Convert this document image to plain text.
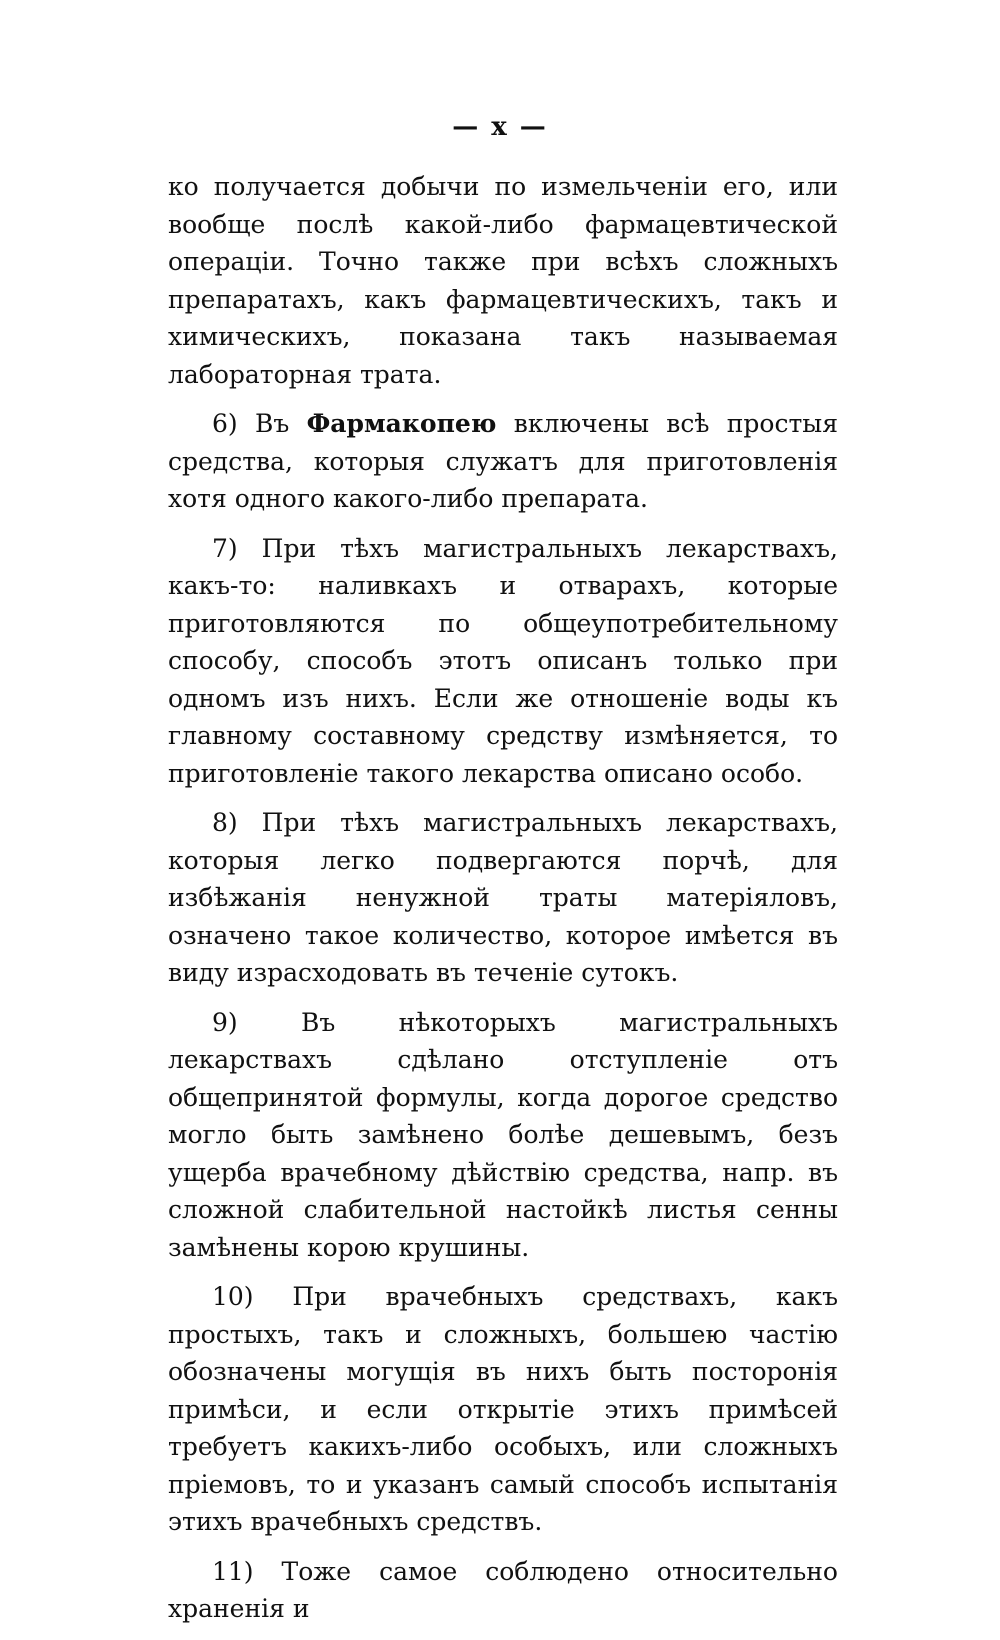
— x —

ко получается добычи по измельченіи его, или вообще послѣ какой-либо фармацевтической операціи. Точно также при всѣхъ сложныхъ препаратахъ, какъ фармацевтическихъ, такъ и химическихъ, показана такъ называемая лабораторная трата.

6) Въ Фармакопею включены всѣ простыя средства, которыя служатъ для приготовленія хотя одного какого-либо препарата.

7) При тѣхъ магистральныхъ лекарствахъ, какъ-то: наливкахъ и отварахъ, которые приготовляются по общеупотребительному способу, способъ этотъ описанъ только при одномъ изъ нихъ. Если же отношеніе воды къ главному составному средству измѣняется, то приготовленіе такого лекарства описано особо.

8) При тѣхъ магистральныхъ лекарствахъ, которыя легко подвергаются порчѣ, для избѣжанія ненужной траты матеріяловъ, означено такое количество, которое имѣется въ виду израсходовать въ теченіе сутокъ.

9) Въ нѣкоторыхъ магистральныхъ лекарствахъ сдѣлано отступленіе отъ общепринятой формулы, когда дорогое средство могло быть замѣнено болѣе дешевымъ, безъ ущерба врачебному дѣйствію средства, напр. въ сложной слабительной настойкѣ листья сенны замѣнены корою крушины.

10) При врачебныхъ средствахъ, какъ простыхъ, такъ и сложныхъ, большею частію обозначены могущія въ нихъ быть посторонія примѣси, и если открытіе этихъ примѣсей требуетъ какихъ-либо особыхъ, или сложныхъ пріемовъ, то и указанъ самый способъ испытанія этихъ врачебныхъ средствъ.

11) Тоже самое соблюдено относительно храненія и
